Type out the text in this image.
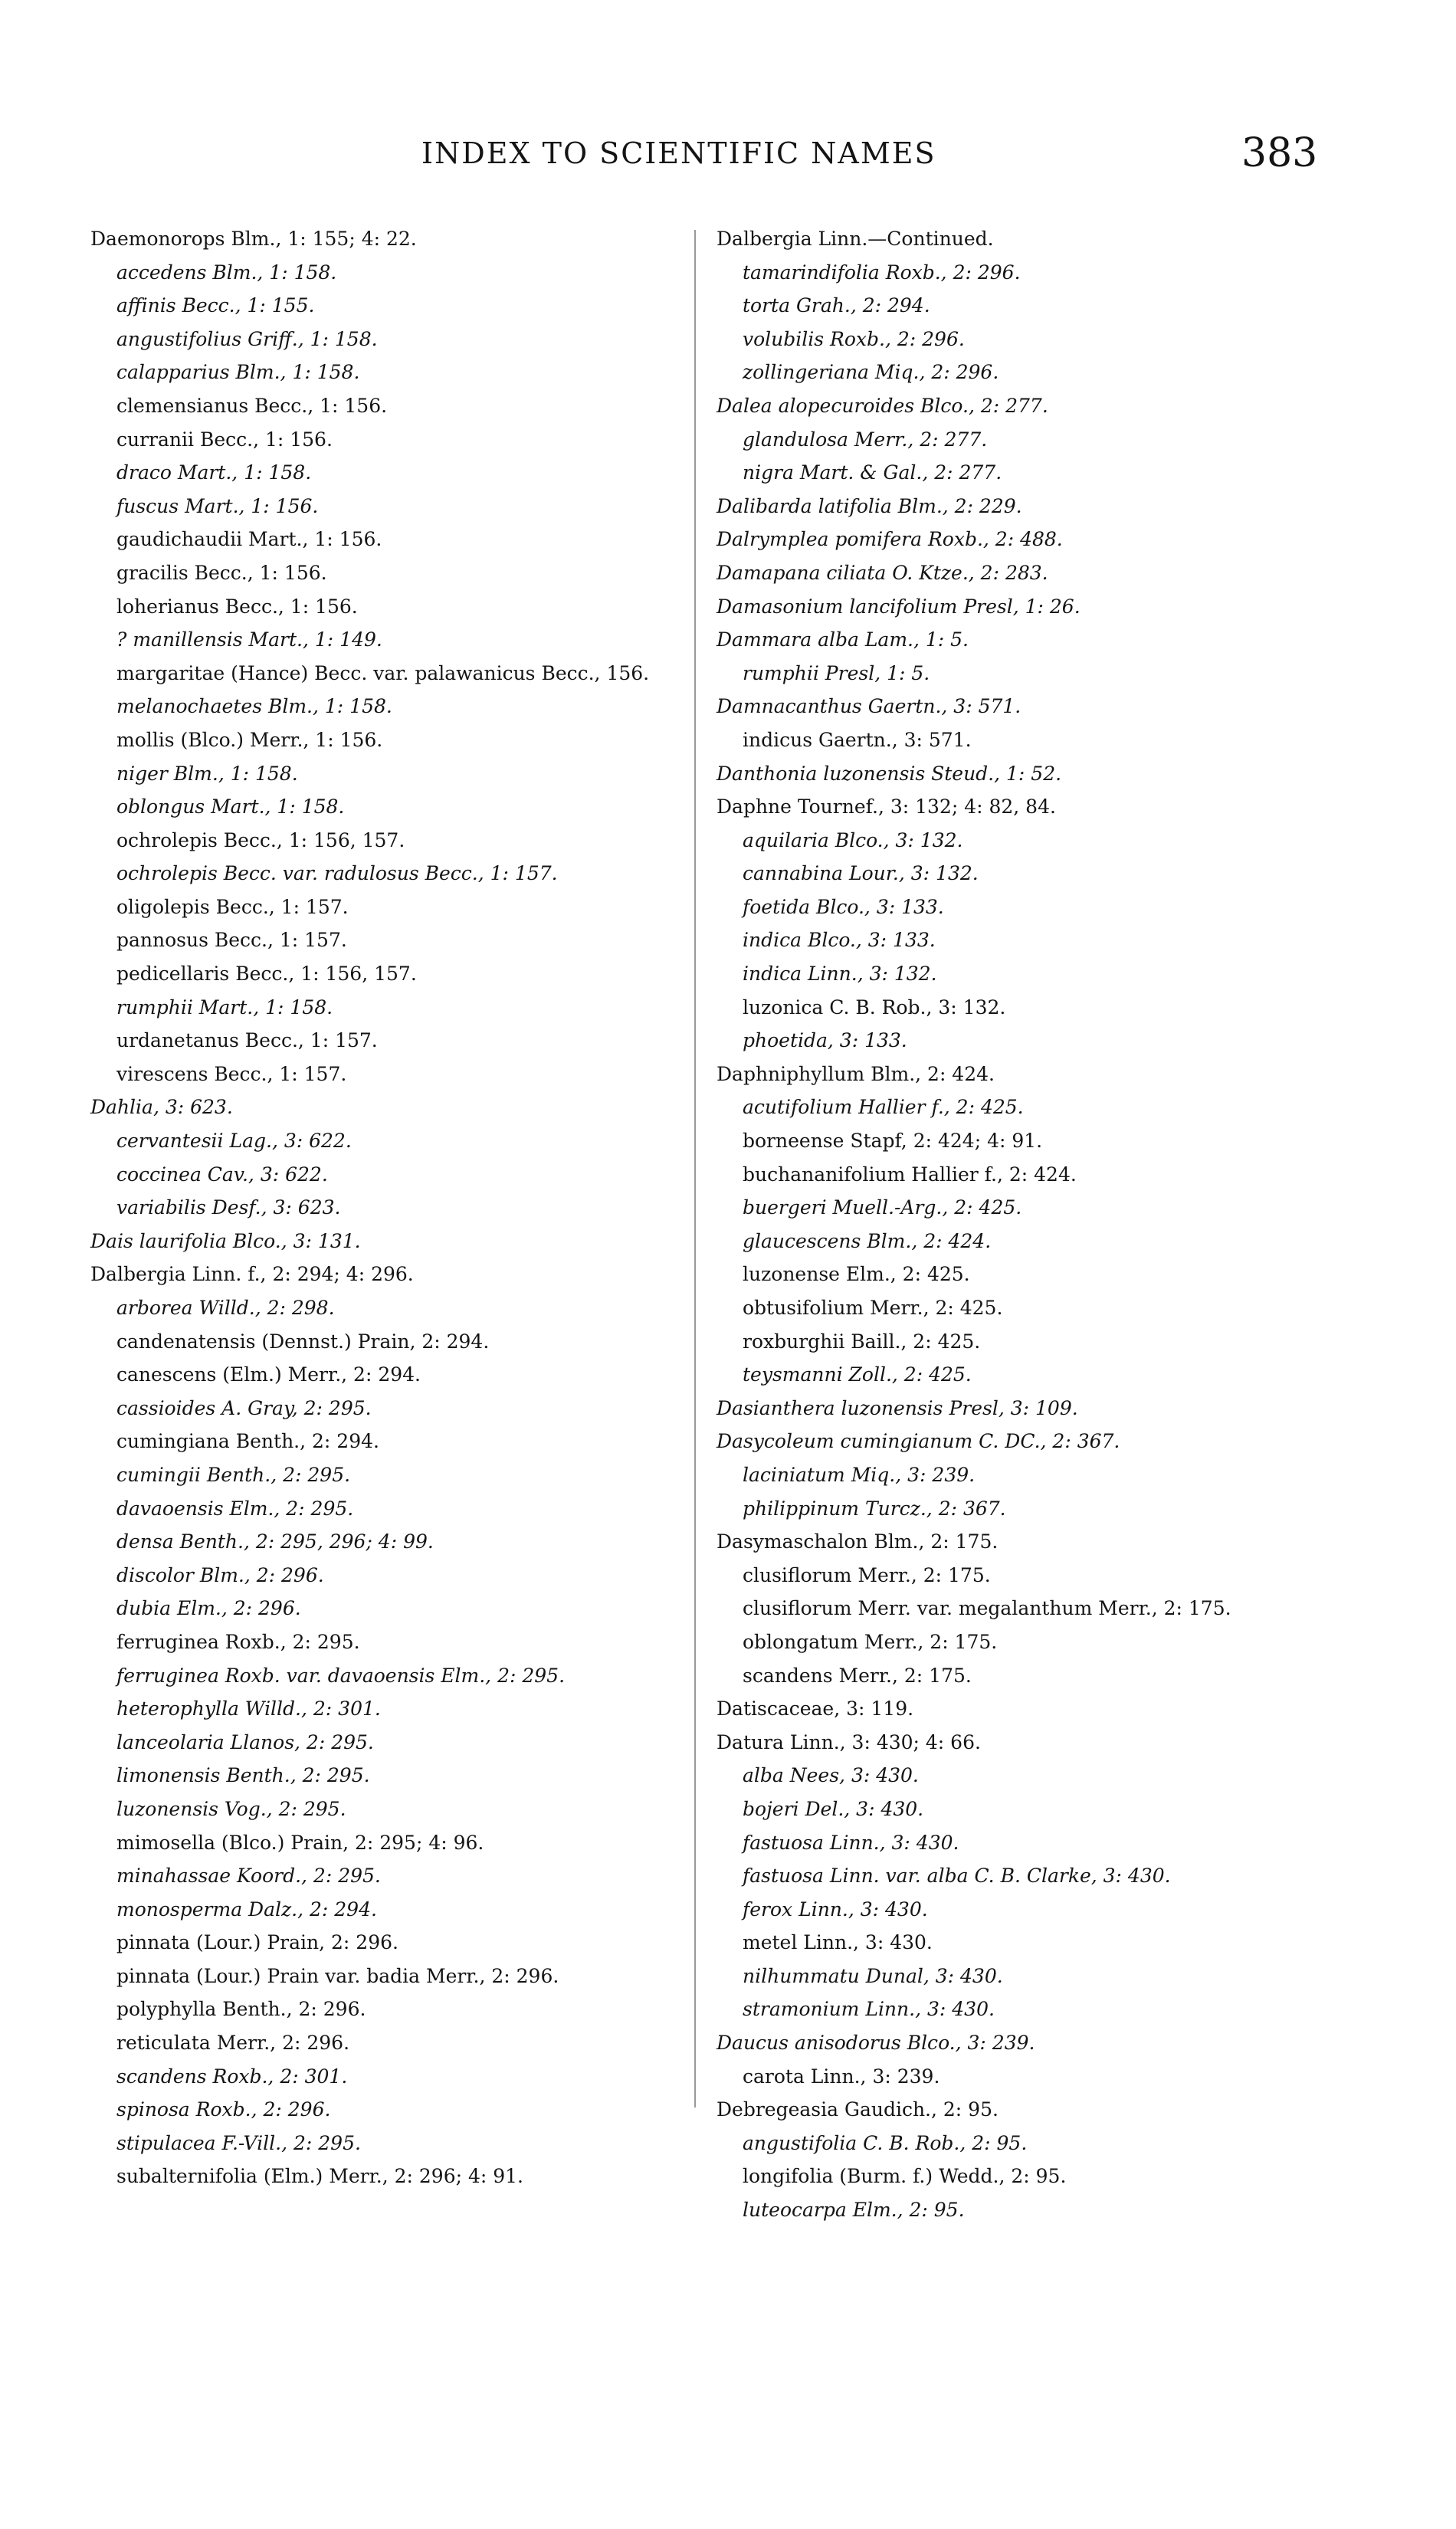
INDEX TO SCIENTIFIC NAMES	383

Daemonorops Blm., 1: 155; 4: 22.

accedens Blm., 1: 158.

affinis Becc., 1: 155.

angustifolius Griff., 1: 158.

calapparius Blm., 1: 158.

clemensianus Becc., 1: 156.

curranii Becc., 1: 156.

draco Mart., 1: 158.

fuscus Mart., 1: 156.

gaudichaudii Mart., 1: 156.

gracilis Becc., 1: 156.

loherianus Becc., 1: 156.

? manillensis Mart., 1: 149.

margaritae (Hance) Becc. var. palawanicus Becc., 156.

melanochaetes Blm., 1: 158.

mollis (Blco.) Merr., 1: 156.

niger Blm., 1: 158.

oblongus Mart., 1: 158.

ochrolepis Becc., 1: 156, 157.

ochrolepis Becc. var. radulosus Becc., 1: 157.

oligolepis Becc., 1: 157.

pannosus Becc., 1: 157.

pedicellaris Becc., 1: 156, 157.

rumphii Mart., 1: 158.

urdanetanus Becc., 1: 157.

virescens Becc., 1: 157.

Dahlia, 3: 623.

cervantesii Lag., 3: 622.

coccinea Cav., 3: 622.

variabilis Desf., 3: 623.

Dais laurifolia Blco., 3: 131.

Dalbergia Linn. f., 2: 294; 4: 296.

arborea Willd., 2: 298.

candenatensis (Dennst.) Prain, 2: 294.

canescens (Elm.) Merr., 2: 294.

cassioides A. Gray, 2: 295.

cumingiana Benth., 2: 294.

cumingii Benth., 2: 295.

davaoensis Elm., 2: 295.

densa Benth., 2: 295, 296; 4: 99.

discolor Blm., 2: 296.

dubia Elm., 2: 296.

ferruginea Roxb., 2: 295.

ferruginea Roxb. var. davaoensis Elm., 2: 295.

heterophylla Willd., 2: 301.

lanceolaria Llanos, 2: 295.

limonensis Benth., 2: 295.

luzonensis Vog., 2: 295.

mimosella (Blco.) Prain, 2: 295; 4: 96.

minahassae Koord., 2: 295.

monosperma Dalz., 2: 294.

pinnata (Lour.) Prain, 2: 296.

pinnata (Lour.) Prain var. badia Merr., 2: 296.

polyphylla Benth., 2: 296.

reticulata Merr., 2: 296.

scandens Roxb., 2: 301.

spinosa Roxb., 2: 296.

stipulacea F.-Vill., 2: 295.

subalternifolia (Elm.) Merr., 2: 296; 4: 91.

Dalbergia Linn.—Continued.

tamarindifolia Roxb., 2: 296.

torta Grah., 2: 294.

volubilis Roxb., 2: 296.

zollingeriana Miq., 2: 296.

Dalea alopecuroides Blco., 2: 277.

glandulosa Merr., 2: 277.

nigra Mart. & Gal., 2: 277.

Dalibarda latifolia Blm., 2: 229.

Dalrymplea pomifera Roxb., 2: 488.

Damapana ciliata O. Ktze., 2: 283.

Damasonium lancifolium Presl, 1: 26.

Dammara alba Lam., 1: 5.

rumphii Presl, 1: 5.

Damnacanthus Gaertn., 3: 571.

indicus Gaertn., 3: 571.

Danthonia luzonensis Steud., 1: 52.

Daphne Tournef., 3: 132; 4: 82, 84.

aquilaria Blco., 3: 132.

cannabina Lour., 3: 132.

foetida Blco., 3: 133.

indica Blco., 3: 133.

indica Linn., 3: 132.

luzonica C. B. Rob., 3: 132.

phoetida, 3: 133.

Daphniphyllum Blm., 2: 424.

acutifolium Hallier f., 2: 425.

borneense Stapf, 2: 424; 4: 91.

buchananifolium Hallier f., 2: 424.

buergeri Muell.-Arg., 2: 425.

glaucescens Blm., 2: 424.

luzonense Elm., 2: 425.

obtusifolium Merr., 2: 425.

roxburghii Baill., 2: 425.

teysmanni Zoll., 2: 425.

Dasianthera luzonensis Presl, 3: 109.

Dasycoleum cumingianum C. DC., 2: 367.

laciniatum Miq., 3: 239.

philippinum Turcz., 2: 367.

Dasymaschalon Blm., 2: 175.

clusiflorum Merr., 2: 175.

clusiflorum Merr. var. megalanthum Merr., 2: 175.

oblongatum Merr., 2: 175.

scandens Merr., 2: 175.

Datiscaceae, 3: 119.

Datura Linn., 3: 430; 4: 66.

alba Nees, 3: 430.

bojeri Del., 3: 430.

fastuosa Linn., 3: 430.

fastuosa Linn. var. alba C. B. Clarke, 3: 430.

ferox Linn., 3: 430.

metel Linn., 3: 430.

nilhummatu Dunal, 3: 430.

stramonium Linn., 3: 430.

Daucus anisodorus Blco., 3: 239.

carota Linn., 3: 239.

Debregeasia Gaudich., 2: 95.

angustifolia C. B. Rob., 2: 95.

longifolia (Burm. f.) Wedd., 2: 95.

luteocarpa Elm., 2: 95.
